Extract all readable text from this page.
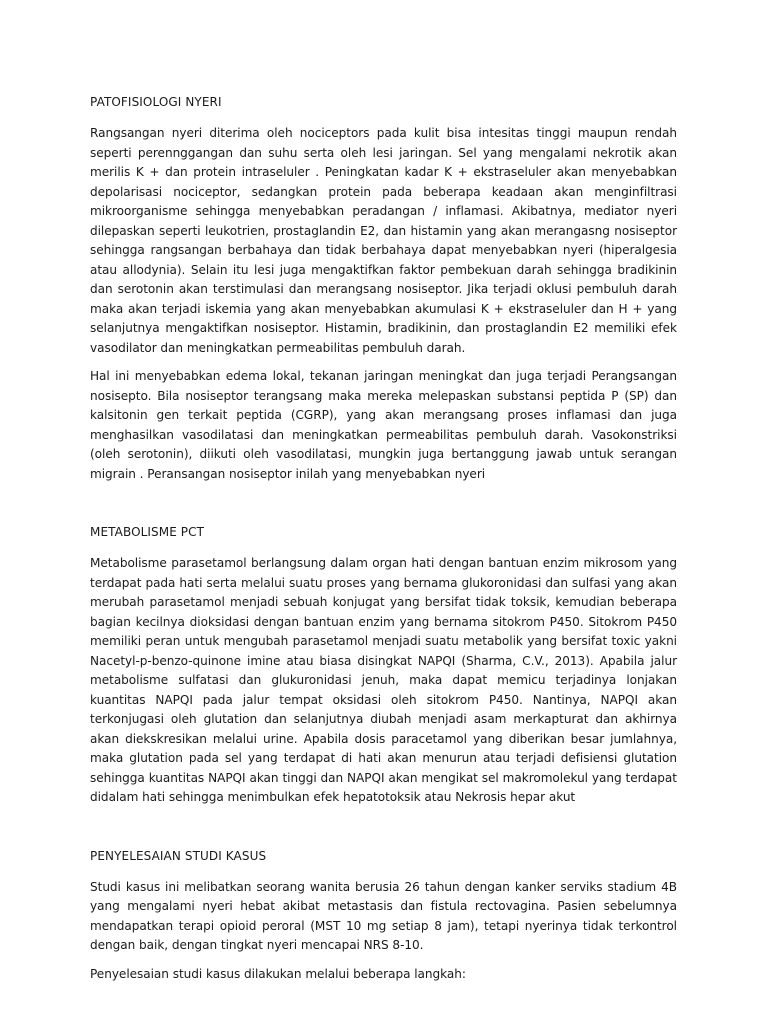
PATOFISIOLOGI NYERI

Rangsangan nyeri diterima oleh nociceptors pada kulit bisa intesitas tinggi maupun rendah seperti perennggangan dan suhu serta oleh lesi jaringan. Sel yang mengalami nekrotik akan merilis K + dan protein intraseluler . Peningkatan kadar K + ekstraseluler akan menyebabkan depolarisasi nociceptor, sedangkan protein pada beberapa keadaan akan menginfiltrasi mikroorganisme sehingga menyebabkan peradangan / inflamasi. Akibatnya, mediator nyeri dilepaskan seperti leukotrien, prostaglandin E2, dan histamin yang akan merangasng nosiseptor sehingga rangsangan berbahaya dan tidak berbahaya dapat menyebabkan nyeri (hiperalgesia atau allodynia). Selain itu lesi juga mengaktifkan faktor pembekuan darah sehingga bradikinin dan serotonin akan terstimulasi dan merangsang nosiseptor. Jika terjadi oklusi pembuluh darah maka akan terjadi iskemia yang akan menyebabkan akumulasi K + ekstraseluler dan H + yang selanjutnya mengaktifkan nosiseptor. Histamin, bradikinin, dan prostaglandin E2 memiliki efek vasodilator dan meningkatkan permeabilitas pembuluh darah.

Hal ini menyebabkan edema lokal, tekanan jaringan meningkat dan juga terjadi Perangsangan nosisepto. Bila nosiseptor terangsang maka mereka melepaskan substansi peptida P (SP) dan kalsitonin gen terkait peptida (CGRP), yang akan merangsang proses inflamasi dan juga menghasilkan vasodilatasi dan meningkatkan permeabilitas pembuluh darah. Vasokonstriksi (oleh serotonin), diikuti oleh vasodilatasi, mungkin juga bertanggung jawab untuk serangan migrain . Peransangan nosiseptor inilah yang menyebabkan nyeri

METABOLISME PCT

Metabolisme parasetamol berlangsung dalam organ hati dengan bantuan enzim mikrosom yang terdapat pada hati serta melalui suatu proses yang bernama glukoronidasi dan sulfasi yang akan merubah parasetamol menjadi sebuah konjugat yang bersifat tidak toksik, kemudian beberapa bagian kecilnya dioksidasi dengan bantuan enzim yang bernama sitokrom P450. Sitokrom P450 memiliki peran untuk mengubah parasetamol menjadi suatu metabolik yang bersifat toxic yakni Nacetyl-p-benzo-quinone imine atau biasa disingkat NAPQI (Sharma, C.V., 2013). Apabila jalur metabolisme sulfatasi dan glukuronidasi jenuh, maka dapat memicu terjadinya lonjakan kuantitas NAPQI pada jalur tempat oksidasi oleh sitokrom P450. Nantinya, NAPQI akan terkonjugasi oleh glutation dan selanjutnya diubah menjadi asam merkapturat dan akhirnya akan diekskresikan melalui urine. Apabila dosis paracetamol yang diberikan besar jumlahnya, maka glutation pada sel yang terdapat di hati akan menurun atau terjadi defisiensi glutation sehingga kuantitas NAPQI akan tinggi dan NAPQI akan mengikat sel makromolekul yang terdapat didalam hati sehingga menimbulkan efek hepatotoksik atau Nekrosis hepar akut

PENYELESAIAN STUDI KASUS

Studi kasus ini melibatkan seorang wanita berusia 26 tahun dengan kanker serviks stadium 4B yang mengalami nyeri hebat akibat metastasis dan fistula rectovagina. Pasien sebelumnya mendapatkan terapi opioid peroral (MST 10 mg setiap 8 jam), tetapi nyerinya tidak terkontrol dengan baik, dengan tingkat nyeri mencapai NRS 8-10.

Penyelesaian studi kasus dilakukan melalui beberapa langkah:
